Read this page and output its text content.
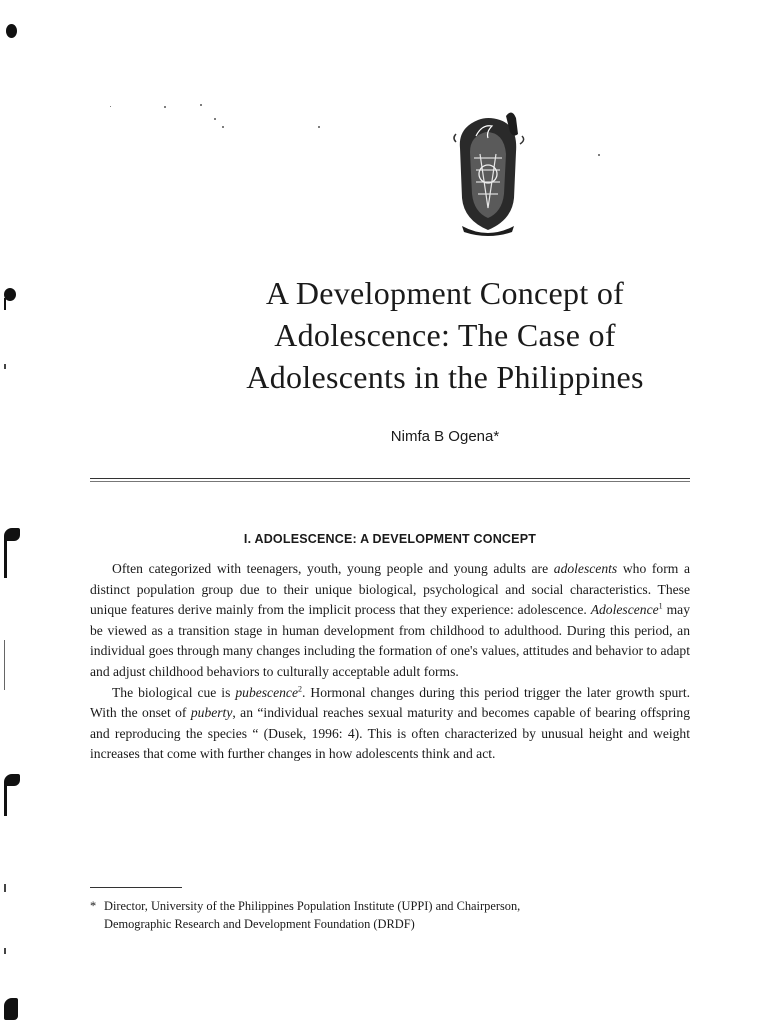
A Development Concept of
Adolescence: The Case of
Adolescents in the Philippines

Nimfa B Ogena*

I. ADOLESCENCE: A DEVELOPMENT CONCEPT

Often categorized with teenagers, youth, young people and young adults are adolescents who form a distinct population group due to their unique biological, psychological and social characteristics. These unique features derive mainly from the implicit process that they experience: adolescence. Adolescence$^1$ may be viewed as a transition stage in human development from childhood to adulthood. During this period, an individual goes through many changes including the formation of one's values, attitudes and behavior to adapt and adjust childhood behaviors to culturally acceptable adult forms.

The biological cue is pubescence$^2$. Hormonal changes during this period trigger the later growth spurt. With the onset of puberty, an “individual reaches sexual maturity and becomes capable of bearing offspring and reproducing the species “ (Dusek, 1996: 4). This is often characterized by unusual height and weight increases that come with further changes in how adolescents think and act.

* Director, University of the Philippines Population Institute (UPPI) and Chairperson,
Demographic Research and Development Foundation (DRDF)
